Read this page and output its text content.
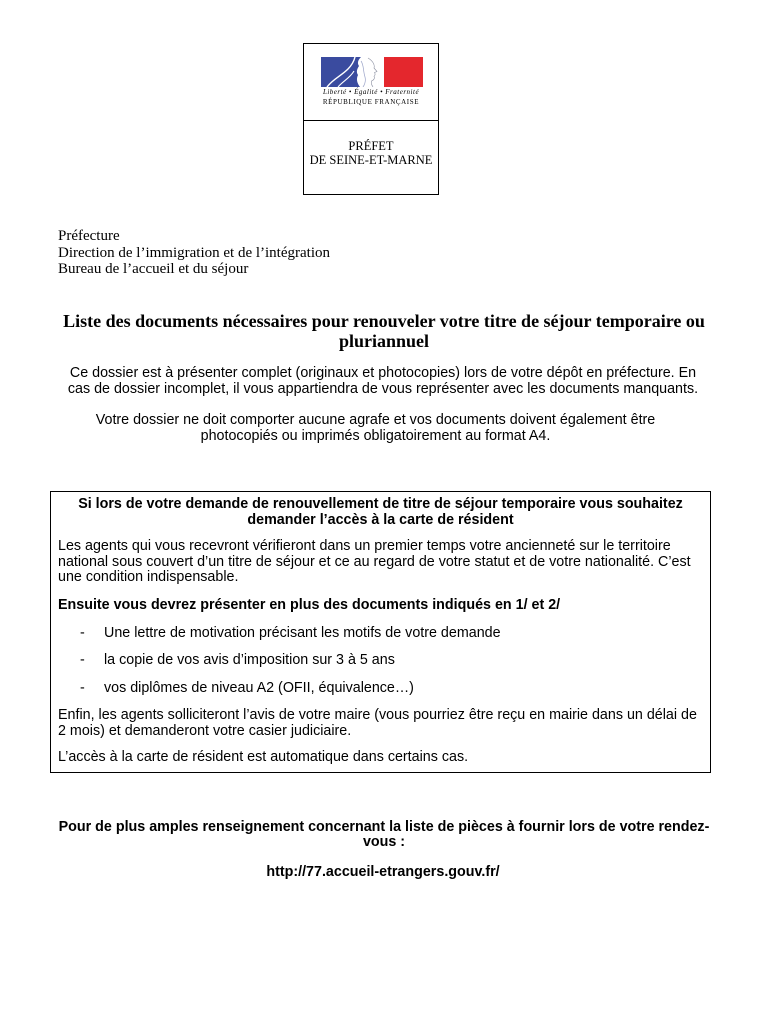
Liberté • Égalité • Fraternité
RÉPUBLIQUE FRANÇAISE
PRÉFET
DE SEINE-ET-MARNE
Préfecture
Direction de l’immigration et de l’intégration
Bureau de l’accueil et du séjour
Liste des documents nécessaires pour renouveler votre titre de séjour temporaire ou
pluriannuel
Ce dossier est à présenter complet (originaux et photocopies) lors de votre dépôt en préfecture. En
cas de dossier incomplet, il vous appartiendra de vous représenter avec les documents manquants.
Votre dossier ne doit comporter aucune agrafe et vos documents doivent également être
photocopiés ou imprimés obligatoirement au format A4.
Si lors de votre demande de renouvellement de titre de séjour temporaire vous souhaitez
demander l’accès à la carte de résident
Les agents qui vous recevront vérifieront dans un premier temps votre ancienneté sur le territoire
national sous couvert d’un titre de séjour et ce au regard de votre statut et de votre nationalité. C’est
une condition indispensable.
Ensuite vous devrez présenter en plus des documents indiqués en 1/ et 2/
- Une lettre de motivation précisant les motifs de votre demande
- la copie de vos avis d’imposition sur 3 à 5 ans
- vos diplômes de niveau A2 (OFII, équivalence…)
Enfin, les agents solliciteront l’avis de votre maire (vous pourriez être reçu en mairie dans un délai de
2 mois) et demanderont votre casier judiciaire.
L’accès à la carte de résident est automatique dans certains cas.
Pour de plus amples renseignement concernant la liste de pièces à fournir lors de votre rendez-
vous :
http://77.accueil-etrangers.gouv.fr/
